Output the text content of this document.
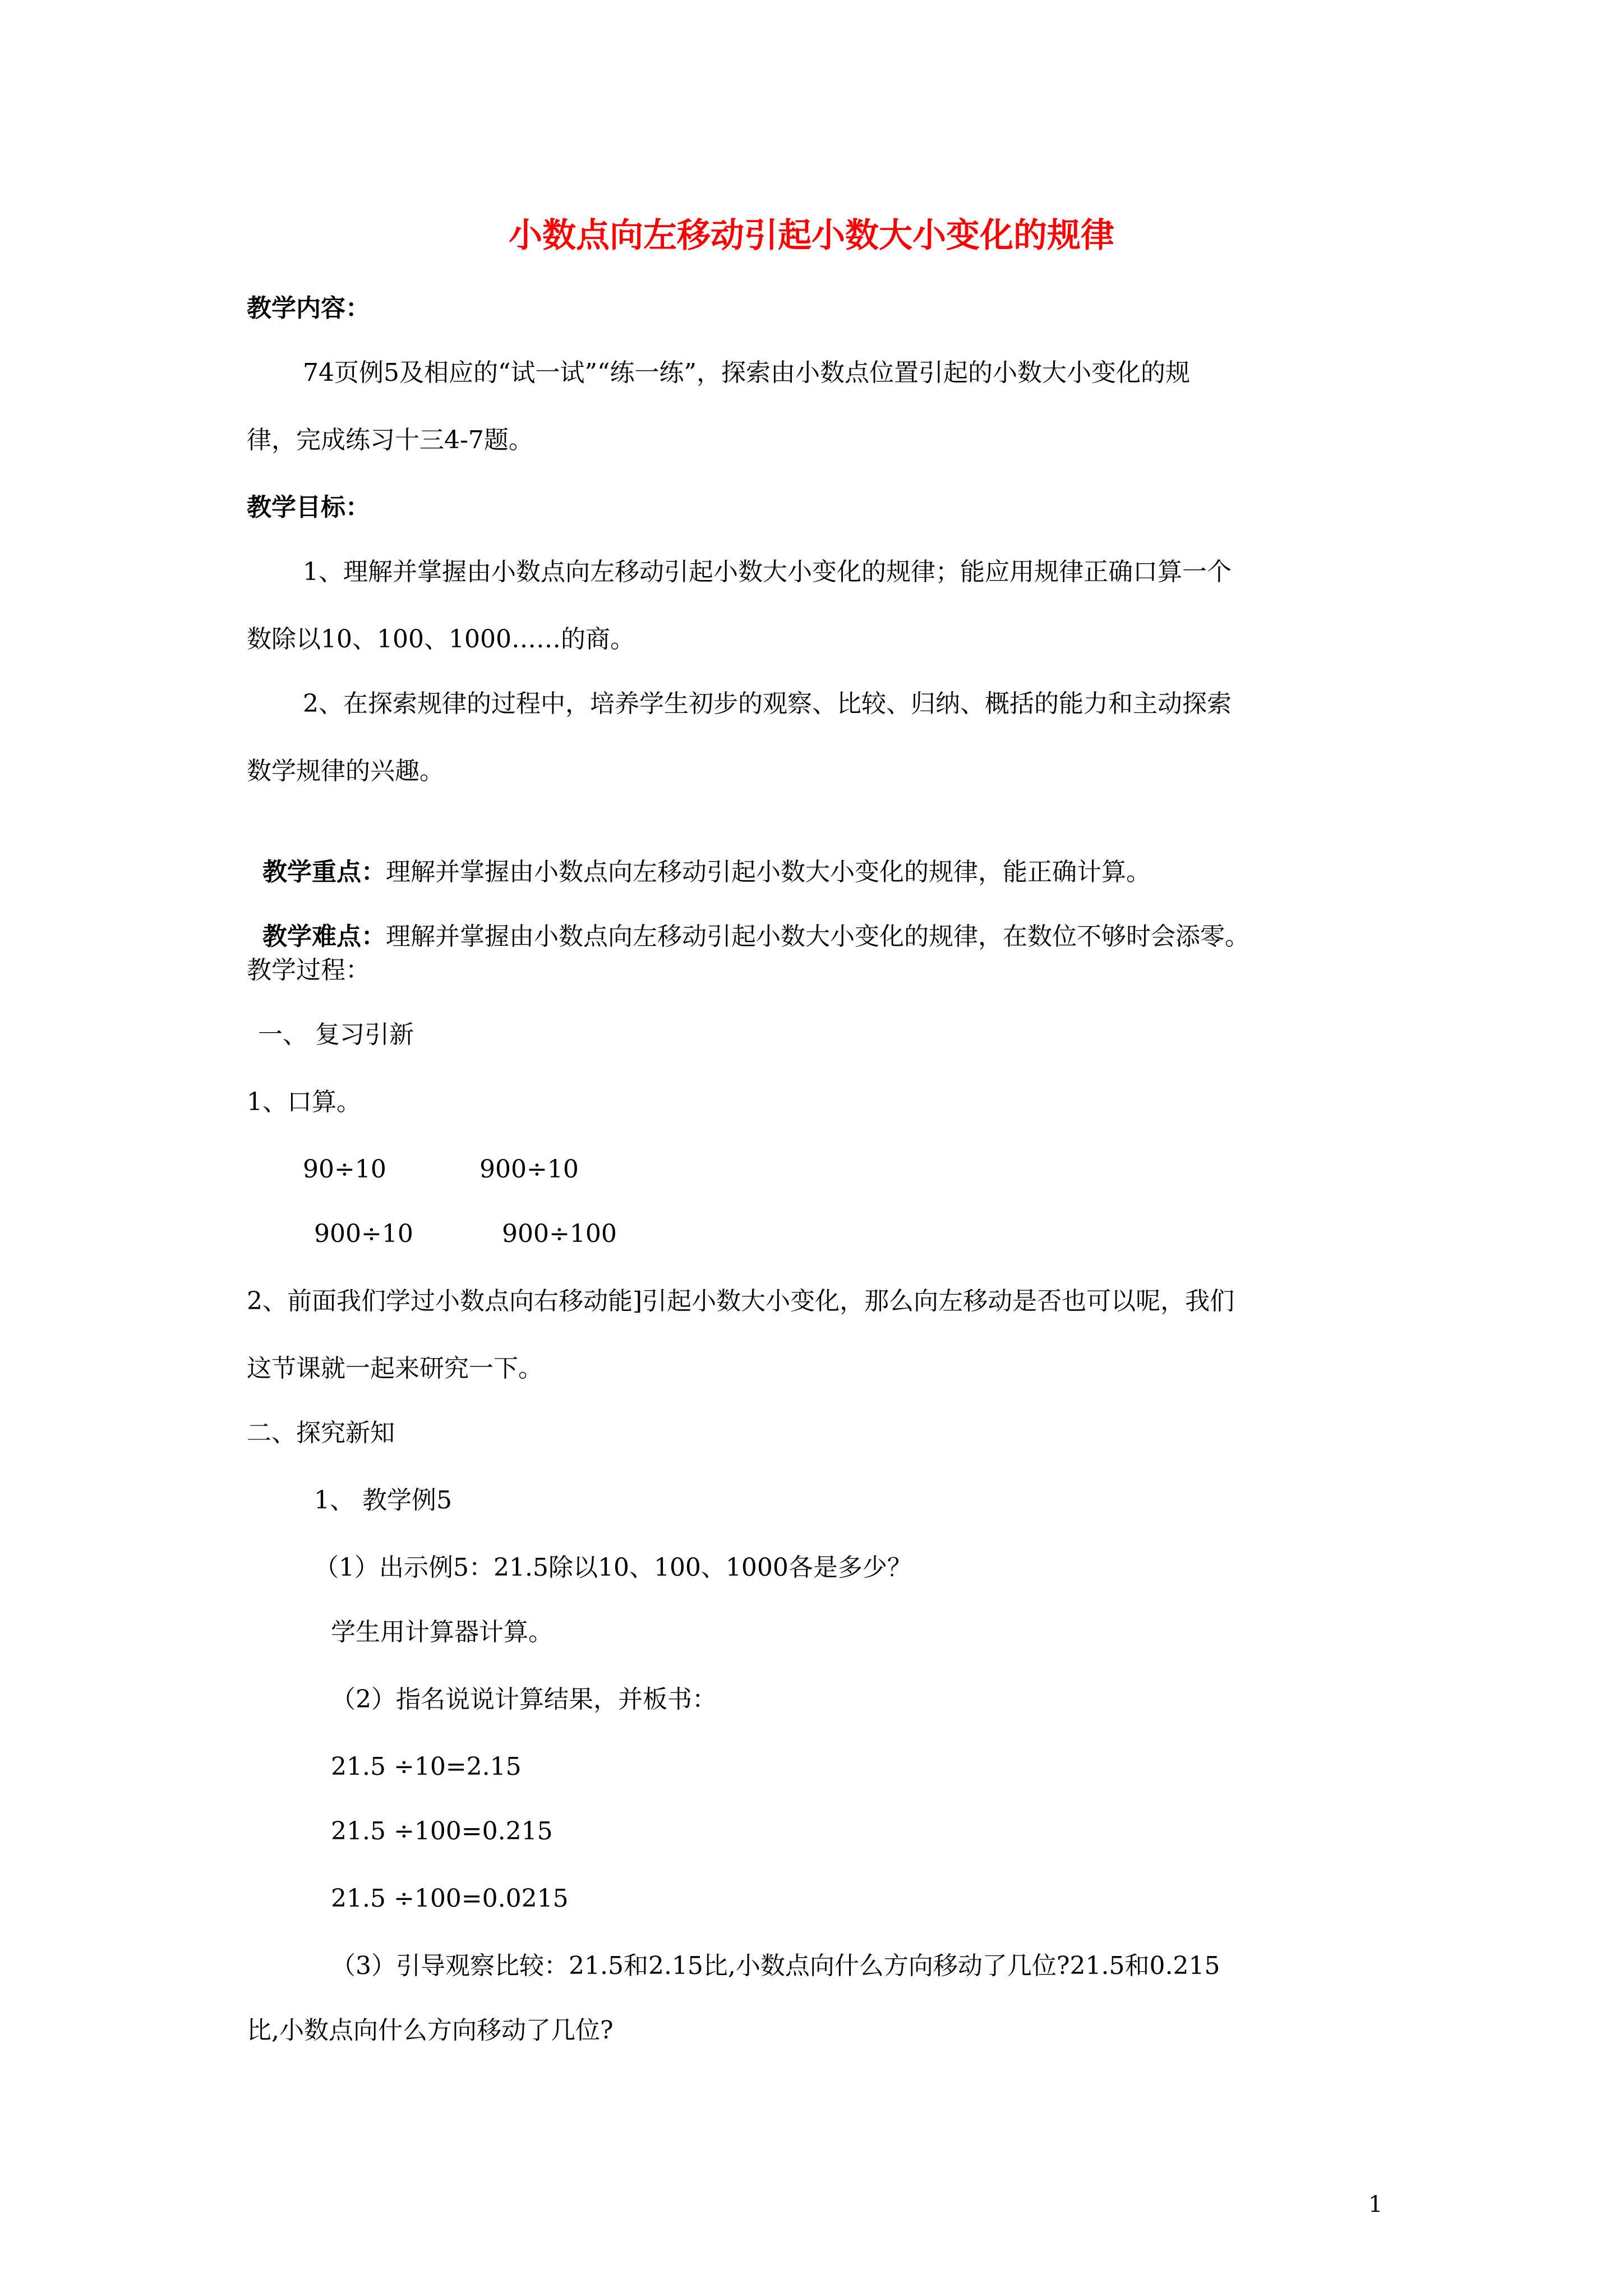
小数点向左移动引起小数大小变化的规律
教学内容：
74页例5及相应的“试一试”“练一练”，探索由小数点位置引起的小数大小变化的规
律，完成练习十三4-7题。
教学目标：
1、理解并掌握由小数点向左移动引起小数大小变化的规律；能应用规律正确口算一个
数除以10、100、1000……的商。
2、在探索规律的过程中，培养学生初步的观察、比较、归纳、概括的能力和主动探索
数学规律的兴趣。

教学重点：理解并掌握由小数点向左移动引起小数大小变化的规律，能正确计算。

教学难点：理解并掌握由小数点向左移动引起小数大小变化的规律，在数位不够时会添零。

教学过程：
一、 复习引新
1、口算。
90÷10	900÷10
900÷10	900÷100
2、前面我们学过小数点向右移动能]引起小数大小变化，那么向左移动是否也可以呢，我们
这节课就一起来研究一下。
二、探究新知
1、 教学例5
（1）出示例5：21.5除以10、100、1000各是多少？
学生用计算器计算。
（2）指名说说计算结果，并板书：
21.5 ÷10=2.15
21.5 ÷100=0.215
21.5 ÷100=0.0215
（3）引导观察比较：21.5和2.15比,小数点向什么方向移动了几位?21.5和0.215
比,小数点向什么方向移动了几位?
1
